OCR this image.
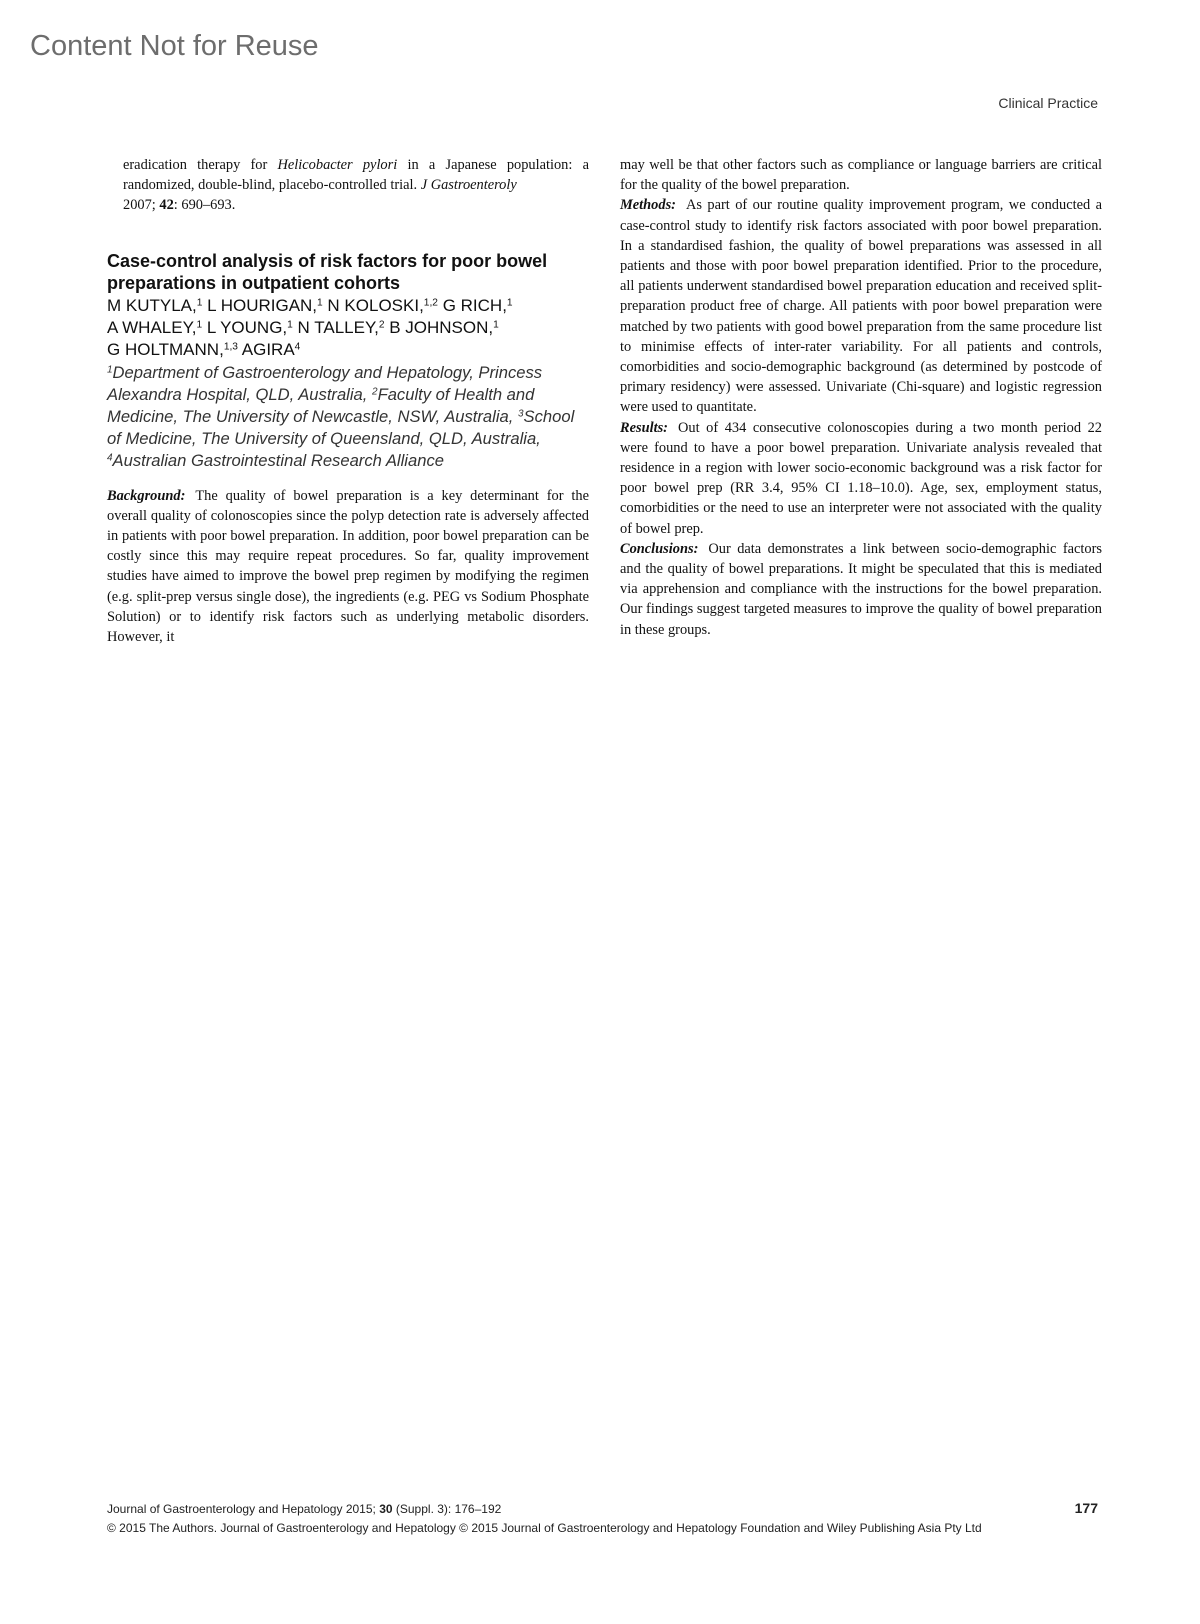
Content Not for Reuse
Clinical Practice

eradication therapy for Helicobacter pylori in a Japanese population: a randomized, double-blind, placebo-controlled trial. J Gastroenteroly
2007; 42: 690–693.

Case-control analysis of risk factors for poor bowel preparations in outpatient cohorts
M KUTYLA,$^1$ L HOURIGAN,$^1$ N KOLOSKI,$^{1,2}$ G RICH,$^1$
A WHALEY,$^1$ L YOUNG,$^1$ N TALLEY,$^2$ B JOHNSON,$^1$
G HOLTMANN,$^{1,3}$ AGIRA$^4$
$^1$Department of Gastroenterology and Hepatology, Princess Alexandra Hospital, QLD, Australia, $^2$Faculty of Health and Medicine, The University of Newcastle, NSW, Australia, $^3$School of Medicine, The University of Queensland, QLD, Australia, $^4$Australian Gastrointestinal Research Alliance

Background: The quality of bowel preparation is a key determinant for the overall quality of colonoscopies since the polyp detection rate is adversely affected in patients with poor bowel preparation. In addition, poor bowel preparation can be costly since this may require repeat procedures. So far, quality improvement studies have aimed to improve the bowel prep regimen by modifying the regimen (e.g. split-prep versus single dose), the ingredients (e.g. PEG vs Sodium Phosphate Solution) or to identify risk factors such as underlying metabolic disorders. However, it

may well be that other factors such as compliance or language barriers are critical for the quality of the bowel preparation.

Methods: As part of our routine quality improvement program, we conducted a case-control study to identify risk factors associated with poor bowel preparation. In a standardised fashion, the quality of bowel preparations was assessed in all patients and those with poor bowel preparation identified. Prior to the procedure, all patients underwent standardised bowel preparation education and received split-preparation product free of charge. All patients with poor bowel preparation were matched by two patients with good bowel preparation from the same procedure list to minimise effects of inter-rater variability. For all patients and controls, comorbidities and socio-demographic background (as determined by postcode of primary residency) were assessed. Univariate (Chi-square) and logistic regression were used to quantitate.

Results: Out of 434 consecutive colonoscopies during a two month period 22 were found to have a poor bowel preparation. Univariate analysis revealed that residence in a region with lower socio-economic background was a risk factor for poor bowel prep (RR 3.4, 95% CI 1.18–10.0). Age, sex, employment status, comorbidities or the need to use an interpreter were not associated with the quality of bowel prep.

Conclusions: Our data demonstrates a link between socio-demographic factors and the quality of bowel preparations. It might be speculated that this is mediated via apprehension and compliance with the instructions for the bowel preparation. Our findings suggest targeted measures to improve the quality of bowel preparation in these groups.

Journal of Gastroenterology and Hepatology 2015; 30 (Suppl. 3): 176–192	177
© 2015 The Authors. Journal of Gastroenterology and Hepatology © 2015 Journal of Gastroenterology and Hepatology Foundation and Wiley Publishing Asia Pty Ltd
